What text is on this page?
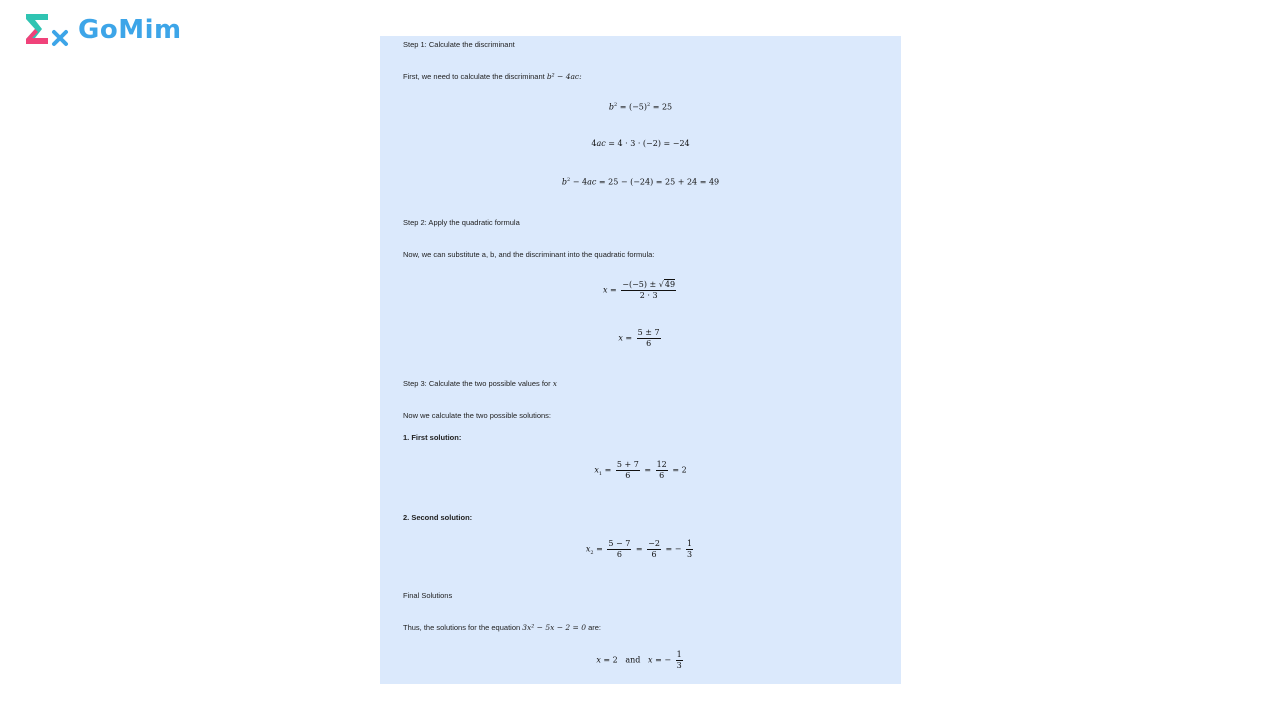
GoMim	Step 1: Calculate the discriminant
First, we need to calculate the discriminant b² − 4ac:
$b^2 = (-5)^2 = 25$
4ac = 4 · 3 · (−2) = −24
$b^2 - 4ac = 25 - (-24) = 25 + 24 = 49$
Step 2: Apply the quadratic formula
Now, we can substitute a, b, and the discriminant into the quadratic formula:
$x = \frac{-(-5) \pm √49}{2 \cdot 3}$
$x = \frac{5 \pm 7}{6}$
Step 3: Calculate the two possible values for x
Now we calculate the two possible solutions:
1. First solution:
$x_1 = \frac{5 + 7}{6} = \frac{12}{6} = 2$
2. Second solution:
$x_2 = \frac{5 - 7}{6} = \frac{-2}{6}$ = − $\frac{1}{3}$
Final Solutions
Thus, the solutions for the equation 3x² − 5x − 2 = 0 are:
x = 2   and x = − $\frac{1}{3}$
